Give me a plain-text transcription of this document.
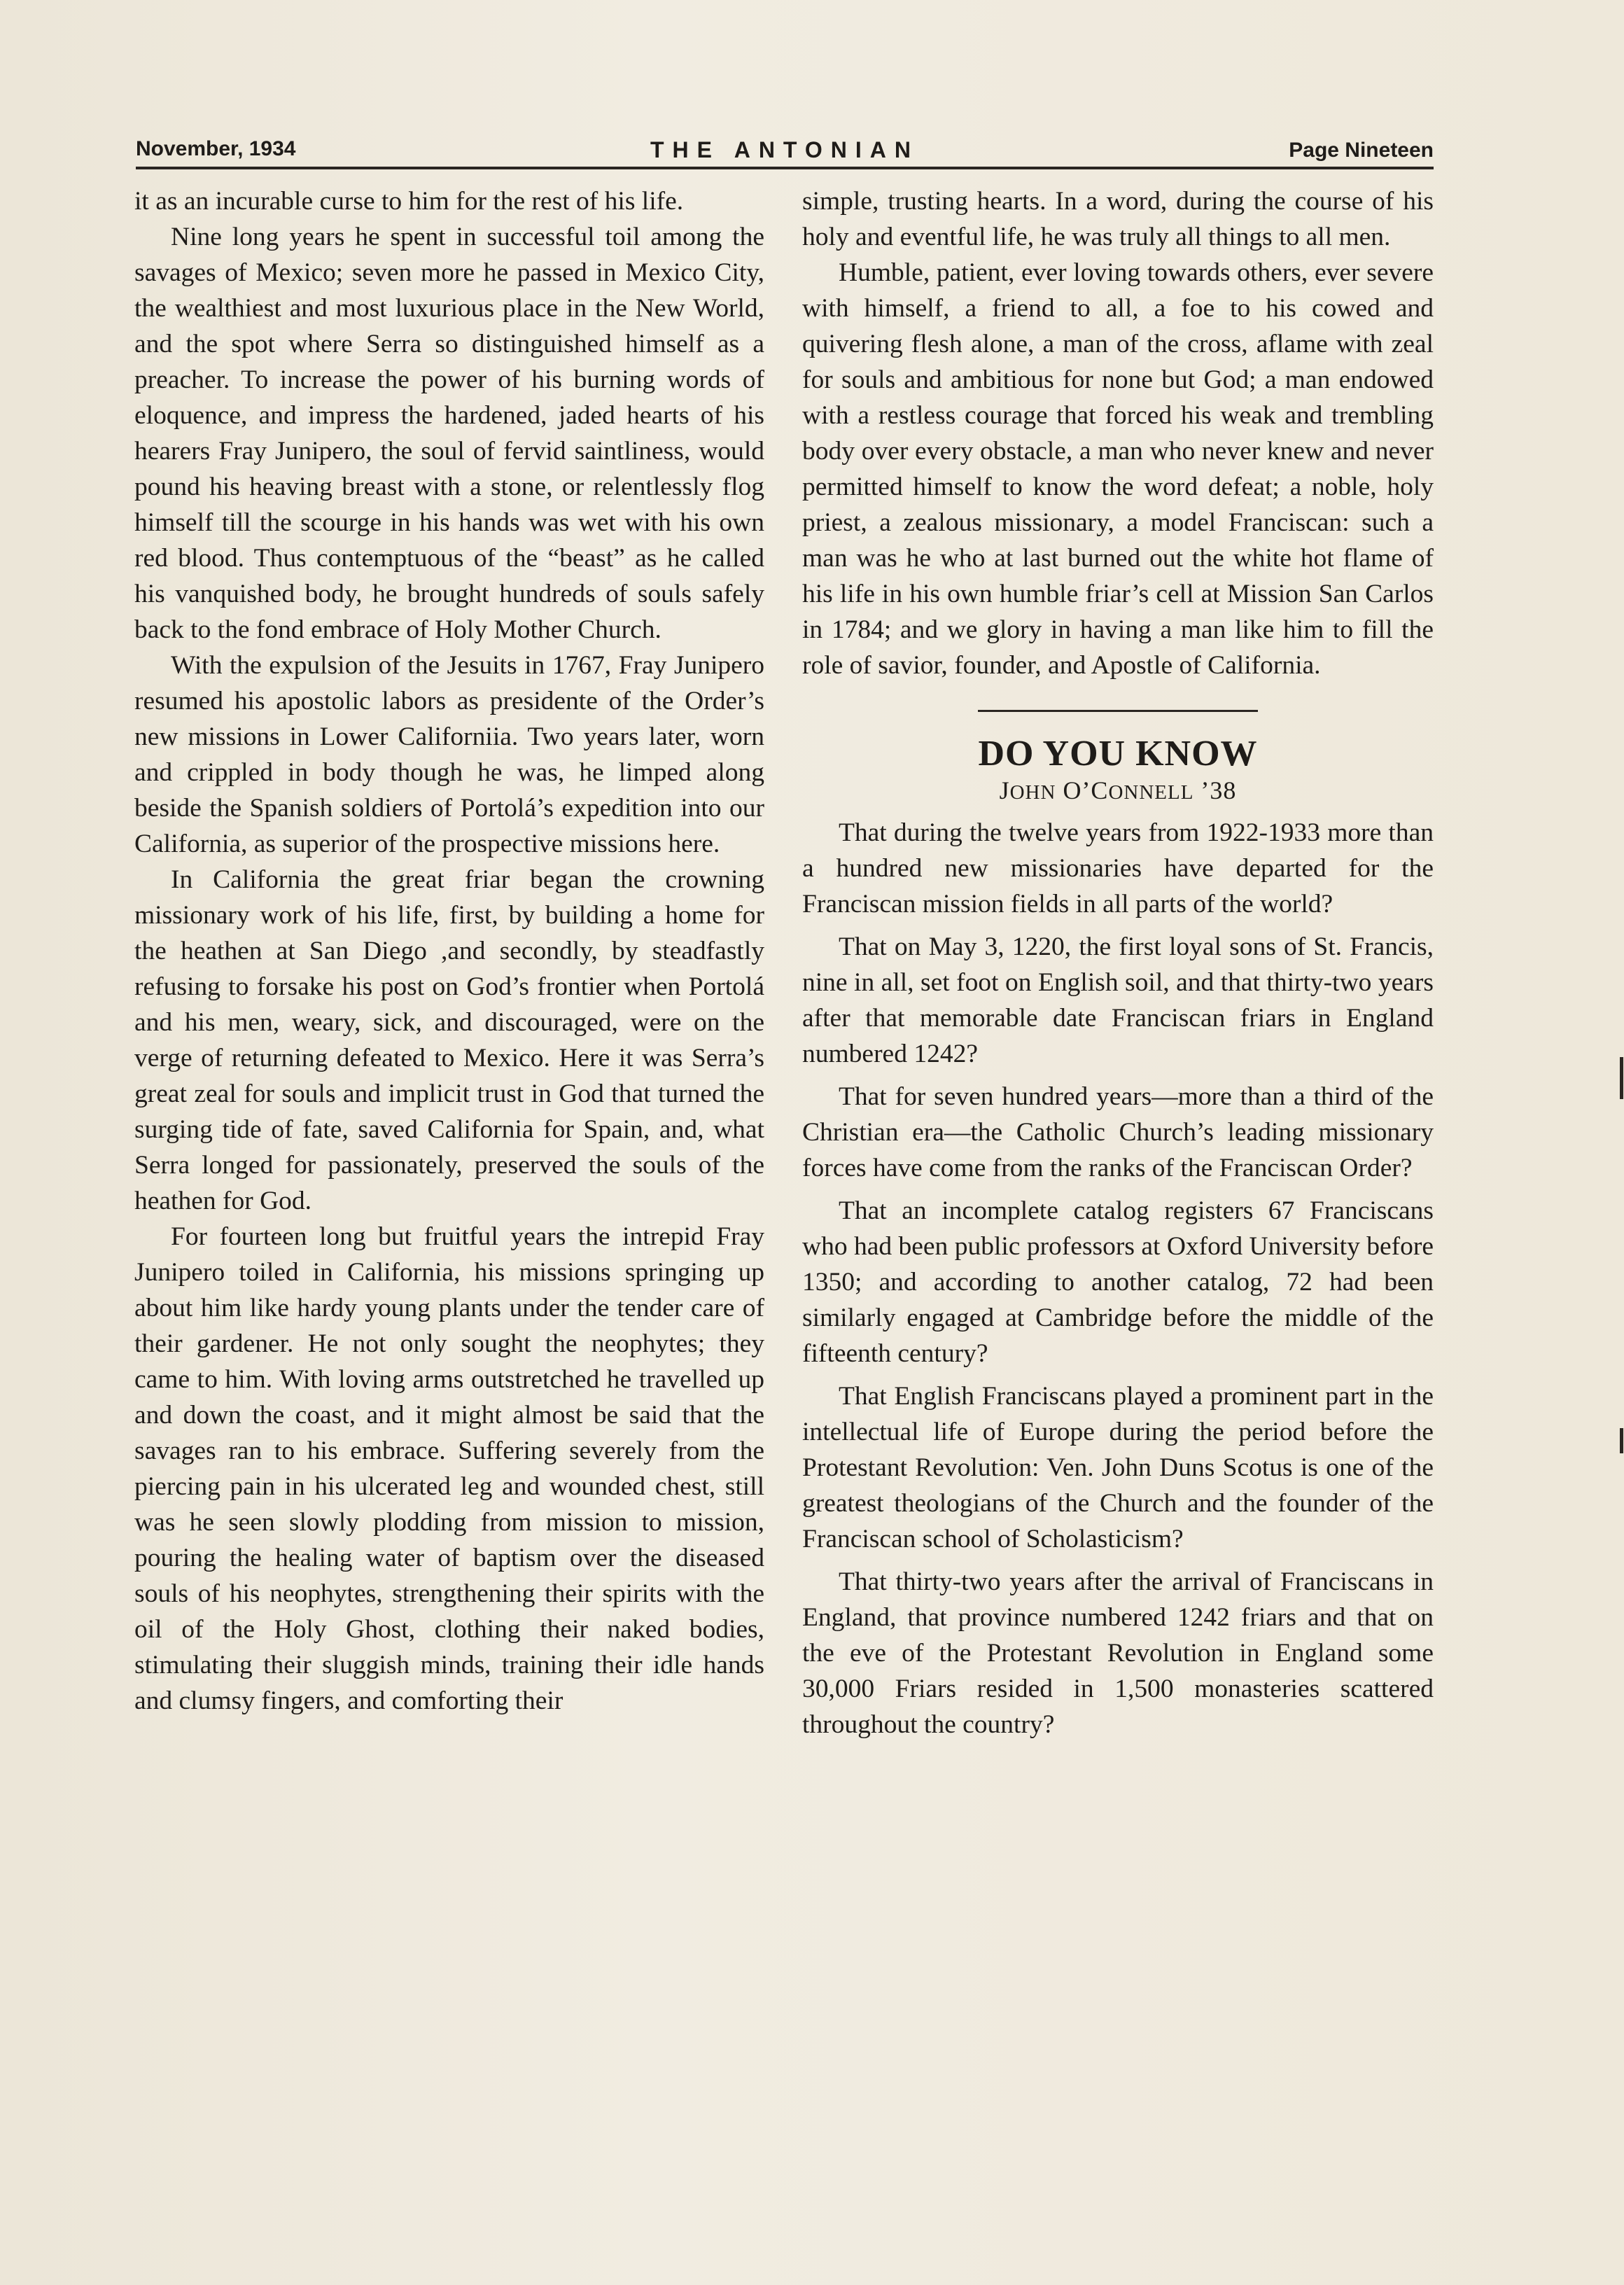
November, 1934	THE ANTONIAN	Page Nineteen

it as an incurable curse to him for the rest of his life.

Nine long years he spent in successful toil among the savages of Mexico; seven more he passed in Mexico City, the wealthiest and most luxurious place in the New World, and the spot where Serra so distinguished himself as a preacher. To increase the power of his burning words of eloquence, and impress the hardened, jaded hearts of his hearers Fray Junipero, the soul of fervid saintliness, would pound his heaving breast with a stone, or relentlessly flog himself till the scourge in his hands was wet with his own red blood. Thus contemptuous of the “beast” as he called his vanquished body, he brought hundreds of souls safely back to the fond embrace of Holy Mother Church.

With the expulsion of the Jesuits in 1767, Fray Junipero resumed his apostolic labors as presidente of the Order’s new missions in Lower Californiia. Two years later, worn and crippled in body though he was, he limped along beside the Spanish soldiers of Portolá’s expedition into our California, as superior of the prospective missions here.

In California the great friar began the crowning missionary work of his life, first, by building a home for the heathen at San Diego ,and secondly, by steadfastly refusing to forsake his post on God’s frontier when Portolá and his men, weary, sick, and discouraged, were on the verge of returning defeated to Mexico. Here it was Serra’s great zeal for souls and implicit trust in God that turned the surging tide of fate, saved California for Spain, and, what Serra longed for passionately, preserved the souls of the heathen for God.

For fourteen long but fruitful years the intrepid Fray Junipero toiled in California, his missions springing up about him like hardy young plants under the tender care of their gardener. He not only sought the neophytes; they came to him. With loving arms outstretched he travelled up and down the coast, and it might almost be said that the savages ran to his embrace. Suffering severely from the piercing pain in his ulcerated leg and wounded chest, still was he seen slowly plodding from mission to mission, pouring the healing water of baptism over the diseased souls of his neophytes, strengthening their spirits with the oil of the Holy Ghost, clothing their naked bodies, stimulating their sluggish minds, training their idle hands and clumsy fingers, and comforting their

simple, trusting hearts. In a word, during the course of his holy and eventful life, he was truly all things to all men.

Humble, patient, ever loving towards others, ever severe with himself, a friend to all, a foe to his cowed and quivering flesh alone, a man of the cross, aflame with zeal for souls and ambitious for none but God; a man endowed with a restless courage that forced his weak and trembling body over every obstacle, a man who never knew and never permitted himself to know the word defeat; a noble, holy priest, a zealous missionary, a model Franciscan: such a man was he who at last burned out the white hot flame of his life in his own humble friar’s cell at Mission San Carlos in 1784; and we glory in having a man like him to fill the role of savior, founder, and Apostle of California.

DO YOU KNOW
JOHN O’CONNELL ’38

That during the twelve years from 1922-1933 more than a hundred new missionaries have departed for the Franciscan mission fields in all parts of the world?

That on May 3, 1220, the first loyal sons of St. Francis, nine in all, set foot on English soil, and that thirty-two years after that memorable date Franciscan friars in England numbered 1242?

That for seven hundred years—more than a third of the Christian era—the Catholic Church’s leading missionary forces have come from the ranks of the Franciscan Order?

That an incomplete catalog registers 67 Franciscans who had been public professors at Oxford University before 1350; and according to another catalog, 72 had been similarly engaged at Cambridge before the middle of the fifteenth century?

That English Franciscans played a prominent part in the intellectual life of Europe during the period before the Protestant Revolution: Ven. John Duns Scotus is one of the greatest theologians of the Church and the founder of the Franciscan school of Scholasticism?

That thirty-two years after the arrival of Franciscans in England, that province numbered 1242 friars and that on the eve of the Protestant Revolution in England some 30,000 Friars resided in 1,500 monasteries scattered throughout the country?
